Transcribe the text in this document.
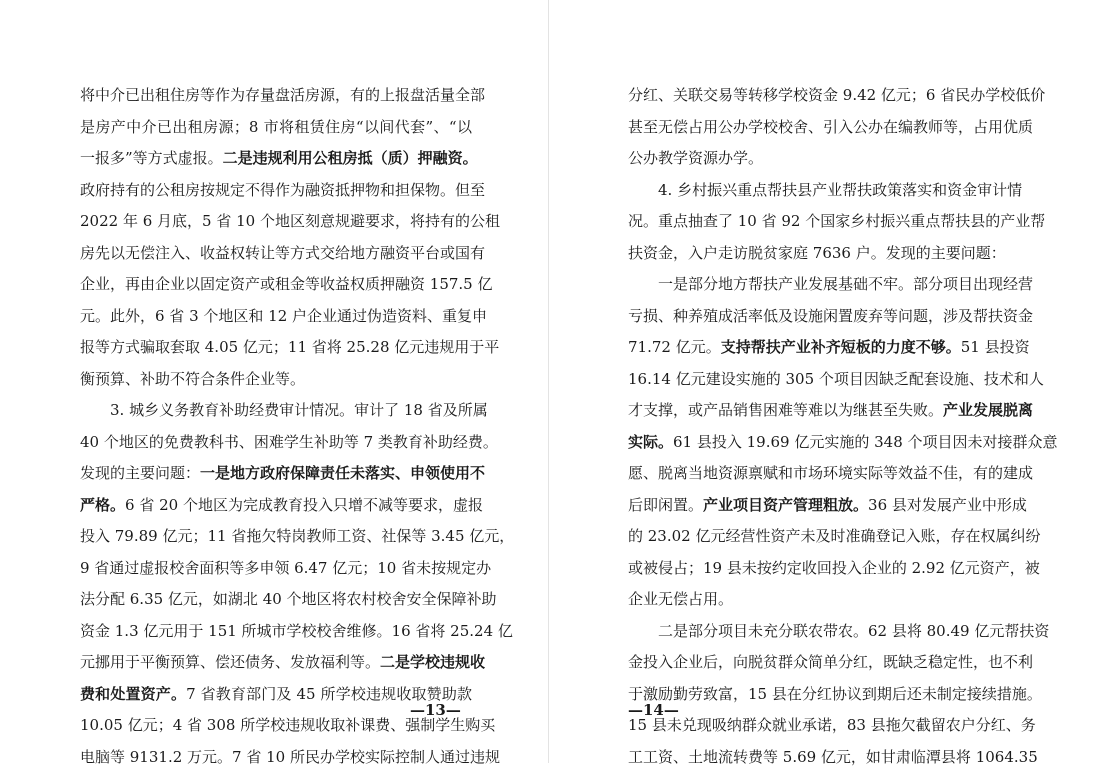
将中介已出租住房等作为存量盘活房源，有的上报盘活量全部
是房产中介已出租房源；8 市将租赁住房“以间代套”、“以
一报多”等方式虚报。二是违规利用公租房抵（质）押融资。
政府持有的公租房按规定不得作为融资抵押物和担保物。但至
2022 年 6 月底，5 省 10 个地区刻意规避要求，将持有的公租
房先以无偿注入、收益权转让等方式交给地方融资平台或国有
企业，再由企业以固定资产或租金等收益权质押融资 157.5 亿
元。此外，6 省 3 个地区和 12 户企业通过伪造资料、重复申
报等方式骗取套取 4.05 亿元；11 省将 25.28 亿元违规用于平
衡预算、补助不符合条件企业等。
3. 城乡义务教育补助经费审计情况。审计了 18 省及所属
40 个地区的免费教科书、困难学生补助等 7 类教育补助经费。
发现的主要问题：一是地方政府保障责任未落实、申领使用不
严格。6 省 20 个地区为完成教育投入只增不减等要求，虚报
投入 79.89 亿元；11 省拖欠特岗教师工资、社保等 3.45 亿元，
9 省通过虚报校舍面积等多申领 6.47 亿元；10 省未按规定办
法分配 6.35 亿元，如湖北 40 个地区将农村校舍安全保障补助
资金 1.3 亿元用于 151 所城市学校校舍维修。16 省将 25.24 亿
元挪用于平衡预算、偿还债务、发放福利等。二是学校违规收
费和处置资产。7 省教育部门及 45 所学校违规收取赞助款
10.05 亿元；4 省 308 所学校违规收取补课费、强制学生购买
电脑等 9131.2 万元。7 省 10 所民办学校实际控制人通过违规
—13—
分红、关联交易等转移学校资金 9.42 亿元；6 省民办学校低价
甚至无偿占用公办学校校舍、引入公办在编教师等，占用优质
公办教学资源办学。
4. 乡村振兴重点帮扶县产业帮扶政策落实和资金审计情
况。重点抽查了 10 省 92 个国家乡村振兴重点帮扶县的产业帮
扶资金，入户走访脱贫家庭 7636 户。发现的主要问题：
一是部分地方帮扶产业发展基础不牢。部分项目出现经营
亏损、种养殖成活率低及设施闲置废弃等问题，涉及帮扶资金
71.72 亿元。支持帮扶产业补齐短板的力度不够。51 县投资
16.14 亿元建设实施的 305 个项目因缺乏配套设施、技术和人
才支撑，或产品销售困难等难以为继甚至失败。产业发展脱离
实际。61 县投入 19.69 亿元实施的 348 个项目因未对接群众意
愿、脱离当地资源禀赋和市场环境实际等效益不佳，有的建成
后即闲置。产业项目资产管理粗放。36 县对发展产业中形成
的 23.02 亿元经营性资产未及时准确登记入账，存在权属纠纷
或被侵占；19 县未按约定收回投入企业的 2.92 亿元资产，被
企业无偿占用。
二是部分项目未充分联农带农。62 县将 80.49 亿元帮扶资
金投入企业后，向脱贫群众简单分红，既缺乏稳定性，也不利
于激励勤劳致富，15 县在分红协议到期后还未制定接续措施。
15 县未兑现吸纳群众就业承诺，83 县拖欠截留农户分红、务
工工资、土地流转费等 5.69 亿元，如甘肃临潭县将 1064.35
—14—
